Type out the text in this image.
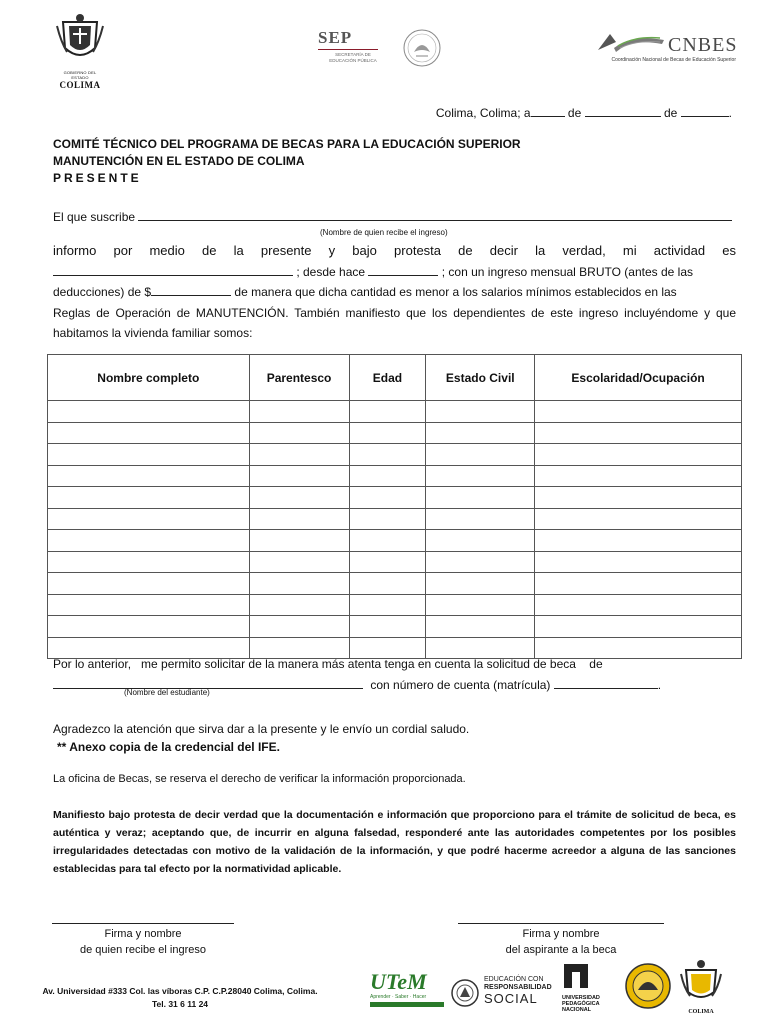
GOBIERNO DEL ESTADO
COLIMA
SEP
SECRETARÍA DE
EDUCACIÓN PÚBLICA
CNBES
Coordinación Nacional de Becas de Educación Superior
Colima, Colima; a	de	de	.
COMITÉ TÉCNICO DEL PROGRAMA DE BECAS PARA LA EDUCACIÓN SUPERIOR
MANUTENCIÓN EN EL ESTADO DE COLIMA
PRESENTE
El que suscribe
(Nombre de quien recibe el ingreso)
informo por medio de la presente y bajo protesta de decir la verdad, mi actividad es
; desde hace	; con un ingreso mensual BRUTO (antes de las
deducciones) de $	de manera que dicha cantidad es menor a los salarios mínimos establecidos en las
Reglas de Operación de MANUTENCIÓN. También manifiesto que los dependientes de este ingreso incluyéndome y que habitamos la vivienda familiar somos:
Nombre completo	Parentesco	Edad	Estado Civil	Escolaridad/Ocupación

Por lo anterior,   me permito solicitar de la manera más atenta tenga en cuenta la solicitud de beca    de
con número de cuenta (matrícula)	.
(Nombre del estudiante)
Agradezco la atención que sirva dar a la presente y le envío un cordial saludo.
** Anexo copia de la credencial del IFE.
La oficina de Becas, se reserva el derecho de verificar la información proporcionada.
Manifiesto bajo protesta de decir verdad que la documentación e información que proporciono para el trámite de solicitud de beca, es auténtica y veraz; aceptando que, de incurrir en alguna falsedad, responderé ante las autoridades competentes por los posibles irregularidades detectadas con motivo de la validación de la información, y que podré hacerme acreedor a alguna de las sanciones establecidas para tal efecto por la normatividad aplicable.
Firma y nombre
de quien recibe el ingreso
Firma y nombre
del aspirante a la beca
Av. Universidad #333 Col. las víboras C.P. C.P.28040 Colima, Colima.
Tel. 31 6 11 24
UTeM
Aprender · Saber · Hacer
EDUCACIÓN CON
RESPONSABILIDAD
SOCIAL	UNIVERSIDAD
PEDAGÓGICA
NACIONAL	COLIMA
